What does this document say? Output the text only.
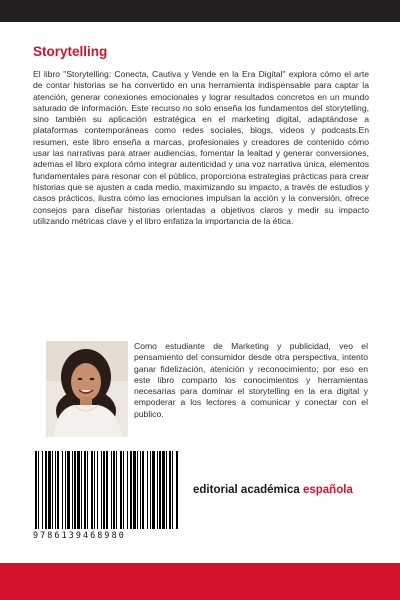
Storytelling

El libro "Storytelling: Conecta, Cautiva y Vende en la Era Digital" explora cómo el arte de contar historias se ha convertido en una herramienta indispensable para captar la atención, generar conexiones emocionales y lograr resultados concretos en un mundo saturado de información. Este recurso no solo enseña los fundamentos del storytelling, sino también su aplicación estratégica en el marketing digital, adaptándose a plataformas contemporáneas como redes sociales, blogs, videos y podcasts.En resumen, este libro enseña a marcas, profesionales y creadores de contenido cómo usar las narrativas para atraer audiencias, fomentar la lealtad y generar conversiones, ademas el libro explora cómo integrar autenticidad y una voz narrativa única, elementos fundamentales para resonar con el público, proporciona estrategias prácticas para crear historias que se ajusten a cada medio, maximizando su impacto, a través de estudios y casos prácticos, ilustra cómo las emociones impulsan la acción y la conversión, ofrece consejos para diseñar historias orientadas a objetivos claros y medir su impacto utilizando métricas clave y el libro enfatiza la importancia de la ética.

Como estudiante de Marketing y publicidad, veo el pensamiento del consumidor desde otra perspectiva, intento ganar fidelización, atenición y reconocimiento; por eso en este libro comparto los conocimientos y herramientas necesarias para dominar el storytelling en la era digital y empoderar a los lectores a comunicar y conectar con el publico.

9786139468980
editorial académica española
